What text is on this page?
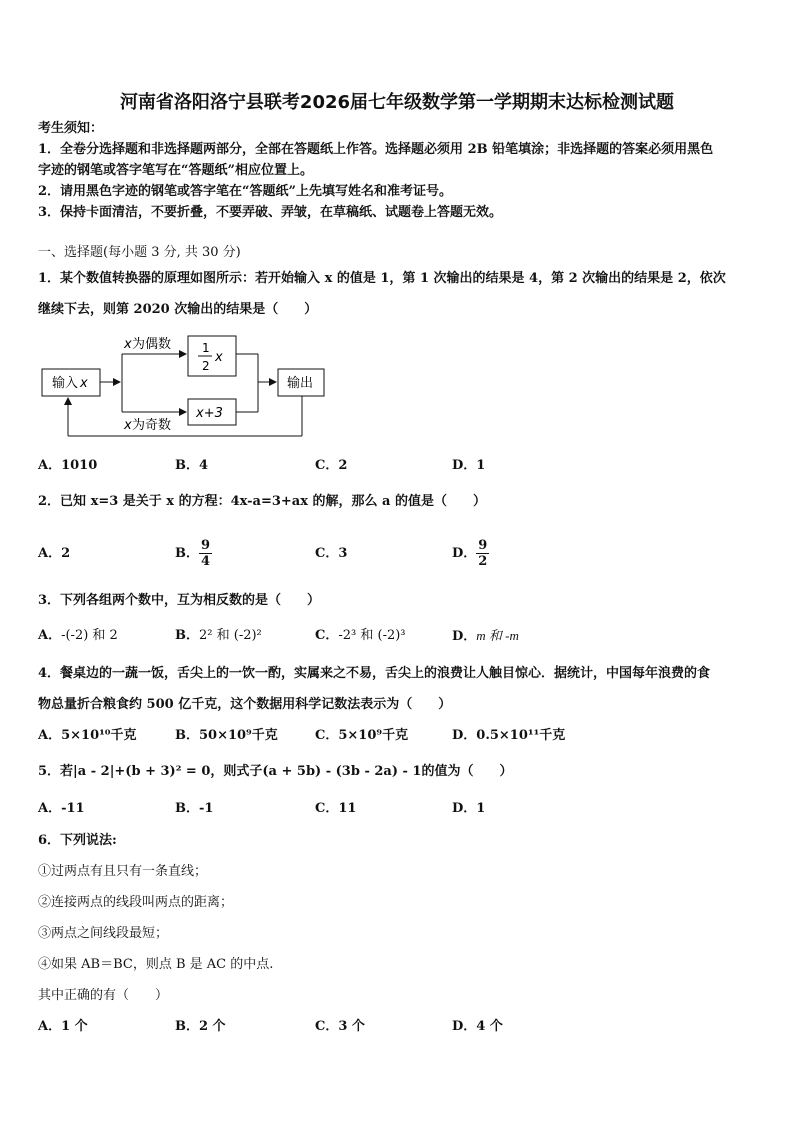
河南省洛阳洛宁县联考2026届七年级数学第一学期期末达标检测试题
考生须知：
1．全卷分选择题和非选择题两部分，全部在答题纸上作答。选择题必须用 2B 铅笔填涂；非选择题的答案必须用黑色
字迹的钢笔或答字笔写在“答题纸”相应位置上。
2．请用黑色字迹的钢笔或答字笔在“答题纸”上先填写姓名和准考证号。
3．保持卡面清洁，不要折叠，不要弄破、弄皱，在草稿纸、试题卷上答题无效。
一、选择题(每小题 3 分, 共 30 分)
1．某个数值转换器的原理如图所示：若开始输入 x 的值是 1，第 1 次输出的结果是 4，第 2 次输出的结果是 2，依次
继续下去，则第 2020 次输出的结果是（　　）
输入 x
x 为偶数
x 为奇数
1
2
x
x+3
输出
A．1010	B．4	C．2	D．1
2．已知 x=3 是关于 x 的方程：4x-a=3+ax 的解，那么 a 的值是（　　）
A．2	B． $\frac{9}{4}$	C．3	D． $\frac{9}{2}$
3．下列各组两个数中，互为相反数的是（　　）
A．-(-2) 和 2	B．2² 和 (-2)²	C．-2³ 和 (-2)³	D．m 和 -m
4．餐桌边的一蔬一饭，舌尖上的一饮一酌，实属来之不易，舌尖上的浪费让人触目惊心．据统计，中国每年浪费的食
物总量折合粮食约 500 亿千克，这个数据用科学记数法表示为（　　）
A．5×10¹⁰千克	B．50×10⁹千克	C．5×10⁹千克	D．0.5×10¹¹千克
5．若|a - 2|+(b + 3)² = 0，则式子(a + 5b) - (3b - 2a) - 1的值为（　　）
A．-11	B．-1	C．11	D．1
6．下列说法:
①过两点有且只有一条直线；
②连接两点的线段叫两点的距离；
③两点之间线段最短；
④如果 AB＝BC，则点 B 是 AC 的中点.
其中正确的有（　　）
A．1 个	B．2 个	C．3 个	D．4 个
